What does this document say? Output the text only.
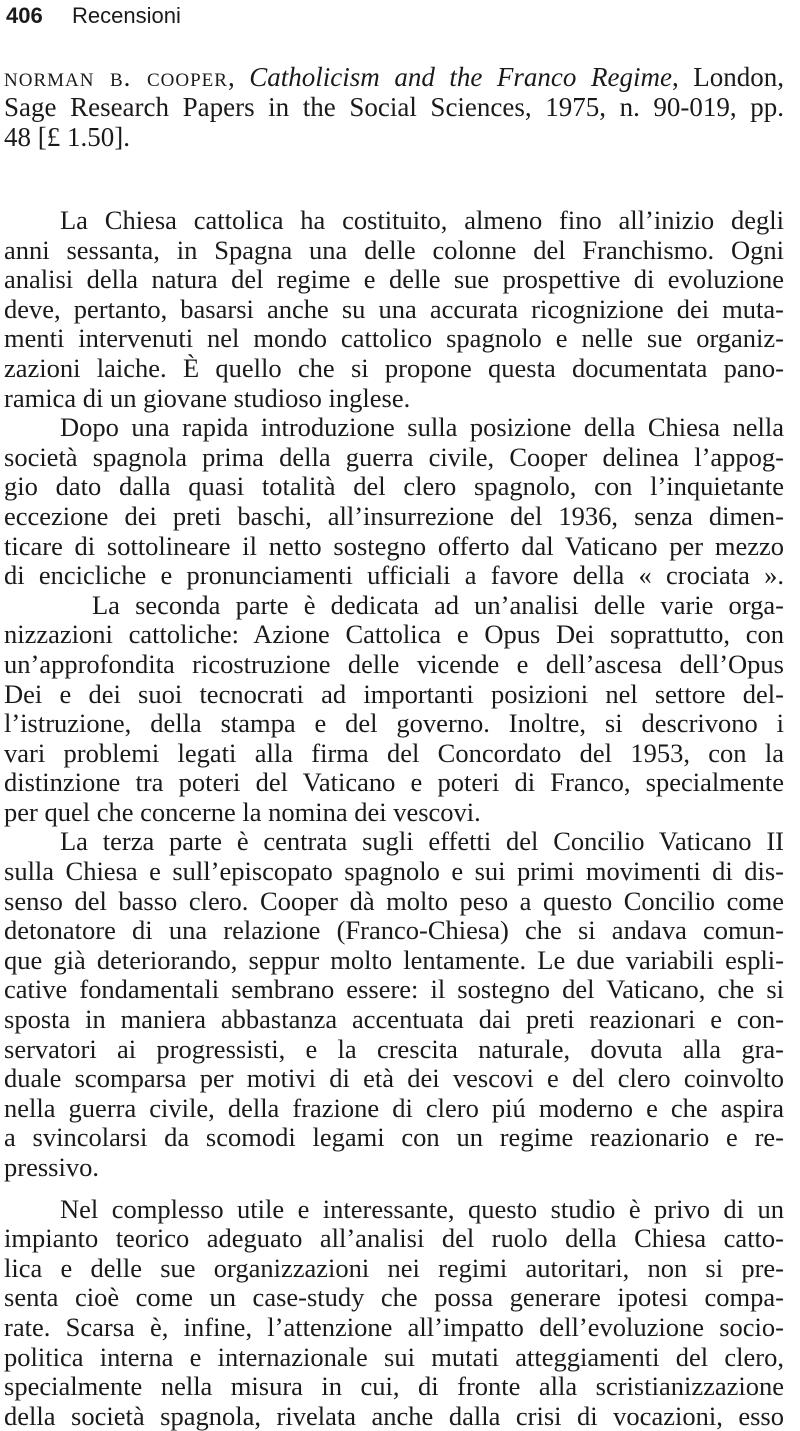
406 Recensioni
norman b. cooper, Catholicism and the Franco Regime, London,
Sage Research Papers in the Social Sciences, 1975, n. 90-019, pp.
48 [£ 1.50].
La Chiesa cattolica ha costituito, almeno fino all’inizio degli
anni sessanta, in Spagna una delle colonne del Franchismo. Ogni
analisi della natura del regime e delle sue prospettive di evoluzione
deve, pertanto, basarsi anche su una accurata ricognizione dei muta-
menti intervenuti nel mondo cattolico spagnolo e nelle sue organiz-
zazioni laiche. È quello che si propone questa documentata pano-
ramica di un giovane studioso inglese.
Dopo una rapida introduzione sulla posizione della Chiesa nella
società spagnola prima della guerra civile, Cooper delinea l’appog-
gio dato dalla quasi totalità del clero spagnolo, con l’inquietante
eccezione dei preti baschi, all’insurrezione del 1936, senza dimen-
ticare di sottolineare il netto sostegno offerto dal Vaticano per mezzo
di encicliche e pronunciamenti ufficiali a favore della « crociata ».
La seconda parte è dedicata ad un’analisi delle varie orga-
nizzazioni cattoliche: Azione Cattolica e Opus Dei soprattutto, con
un’approfondita ricostruzione delle vicende e dell’ascesa dell’Opus
Dei e dei suoi tecnocrati ad importanti posizioni nel settore del-
l’istruzione, della stampa e del governo. Inoltre, si descrivono i
vari problemi legati alla firma del Concordato del 1953, con la
distinzione tra poteri del Vaticano e poteri di Franco, specialmente
per quel che concerne la nomina dei vescovi.
La terza parte è centrata sugli effetti del Concilio Vaticano II
sulla Chiesa e sull’episcopato spagnolo e sui primi movimenti di dis-
senso del basso clero. Cooper dà molto peso a questo Concilio come
detonatore di una relazione (Franco-Chiesa) che si andava comun-
que già deteriorando, seppur molto lentamente. Le due variabili espli-
cative fondamentali sembrano essere: il sostegno del Vaticano, che si
sposta in maniera abbastanza accentuata dai preti reazionari e con-
servatori ai progressisti, e la crescita naturale, dovuta alla gra-
duale scomparsa per motivi di età dei vescovi e del clero coinvolto
nella guerra civile, della frazione di clero piú moderno e che aspira
a svincolarsi da scomodi legami con un regime reazionario e re-
pressivo.
Nel complesso utile e interessante, questo studio è privo di un
impianto teorico adeguato all’analisi del ruolo della Chiesa catto-
lica e delle sue organizzazioni nei regimi autoritari, non si pre-
senta cioè come un case-study che possa generare ipotesi compa-
rate. Scarsa è, infine, l’attenzione all’impatto dell’evoluzione socio-
politica interna e internazionale sui mutati atteggiamenti del clero,
specialmente nella misura in cui, di fronte alla scristianizzazione
della società spagnola, rivelata anche dalla crisi di vocazioni, esso
